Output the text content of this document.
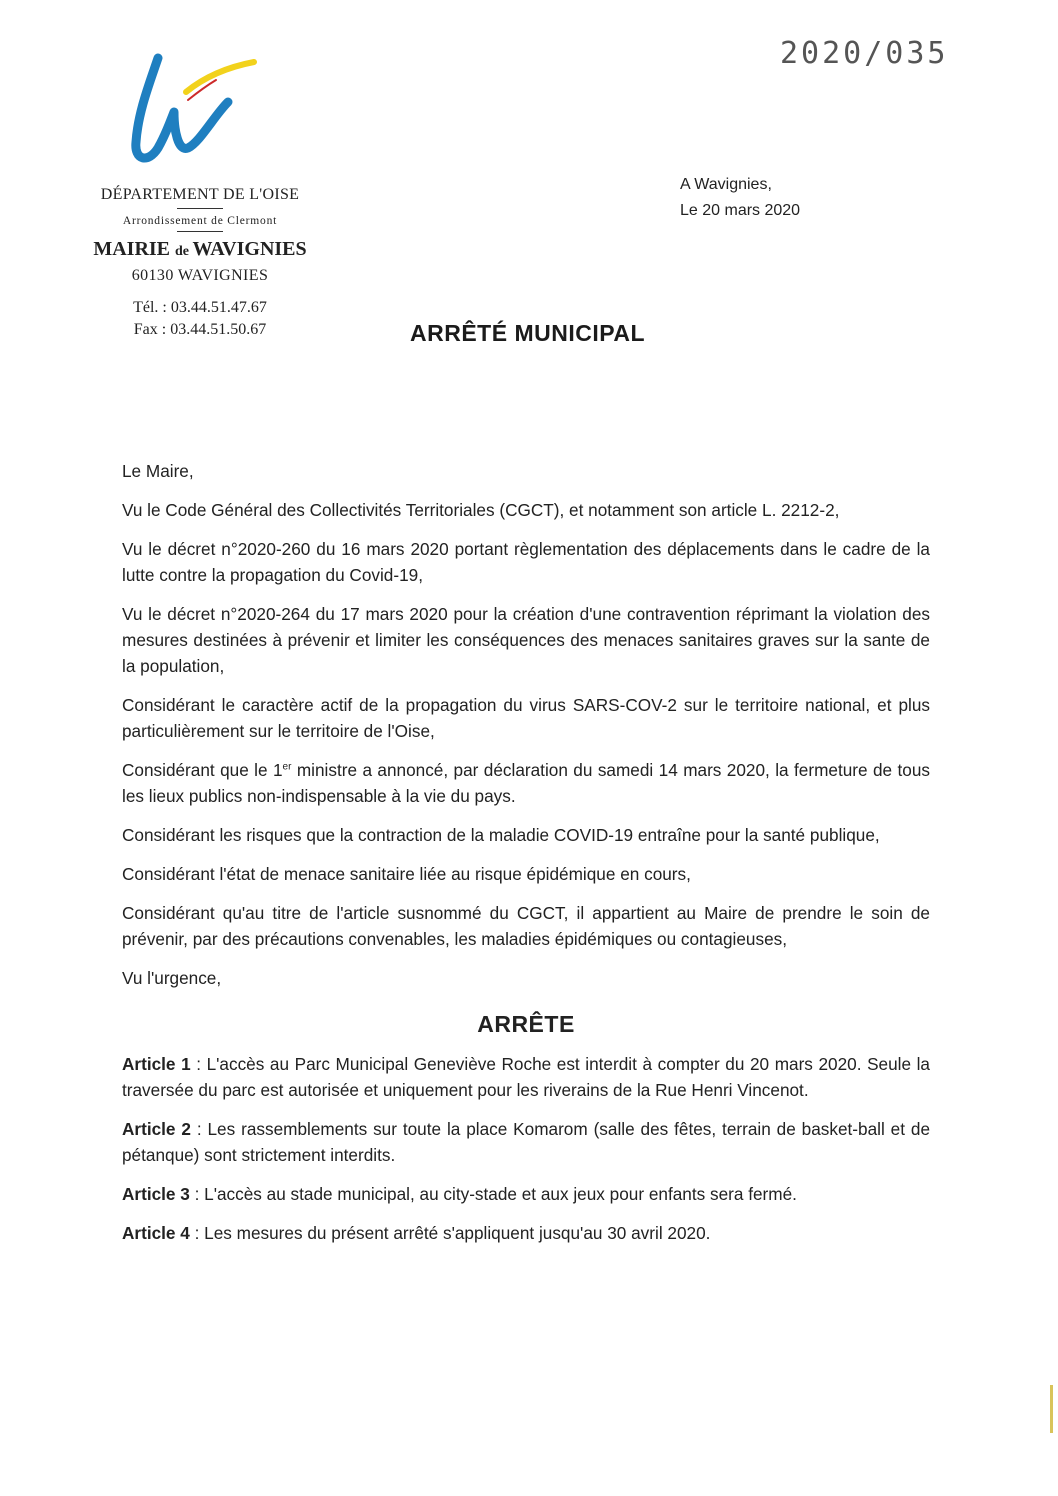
2020/035
DÉPARTEMENT DE L'OISE
Arrondissement de Clermont
MAIRIE de WAVIGNIES
60130 WAVIGNIES
Tél. : 03.44.51.47.67
Fax : 03.44.51.50.67
A Wavignies,
Le 20 mars 2020
ARRÊTÉ MUNICIPAL

Le Maire,

Vu le Code Général des Collectivités Territoriales (CGCT), et notamment son article L. 2212-2,

Vu le décret n°2020-260 du 16 mars 2020 portant règlementation des déplacements dans le cadre de la lutte contre la propagation du Covid-19,

Vu le décret n°2020-264 du 17 mars 2020 pour la création d'une contravention réprimant la violation des mesures destinées à prévenir et limiter les conséquences des menaces sanitaires graves sur la sante de la population,

Considérant le caractère actif de la propagation du virus SARS-COV-2 sur le territoire national, et plus particulièrement sur le territoire de l'Oise,

Considérant que le 1er ministre a annoncé, par déclaration du samedi 14 mars 2020, la fermeture de tous les lieux publics non-indispensable à la vie du pays.

Considérant les risques que la contraction de la maladie COVID-19 entraîne pour la santé publique,

Considérant l'état de menace sanitaire liée au risque épidémique en cours,

Considérant qu'au titre de l'article susnommé du CGCT, il appartient au Maire de prendre le soin de prévenir, par des précautions convenables, les maladies épidémiques ou contagieuses,

Vu l'urgence,

ARRÊTE

Article 1 : L'accès au Parc Municipal Geneviève Roche est interdit à compter du 20 mars 2020. Seule la traversée du parc est autorisée et uniquement pour les riverains de la Rue Henri Vincenot.

Article 2 : Les rassemblements sur toute la place Komarom (salle des fêtes, terrain de basket-ball et de pétanque) sont strictement interdits.

Article 3 : L'accès au stade municipal, au city-stade et aux jeux pour enfants sera fermé.

Article 4 : Les mesures du présent arrêté s'appliquent jusqu'au 30 avril 2020.
